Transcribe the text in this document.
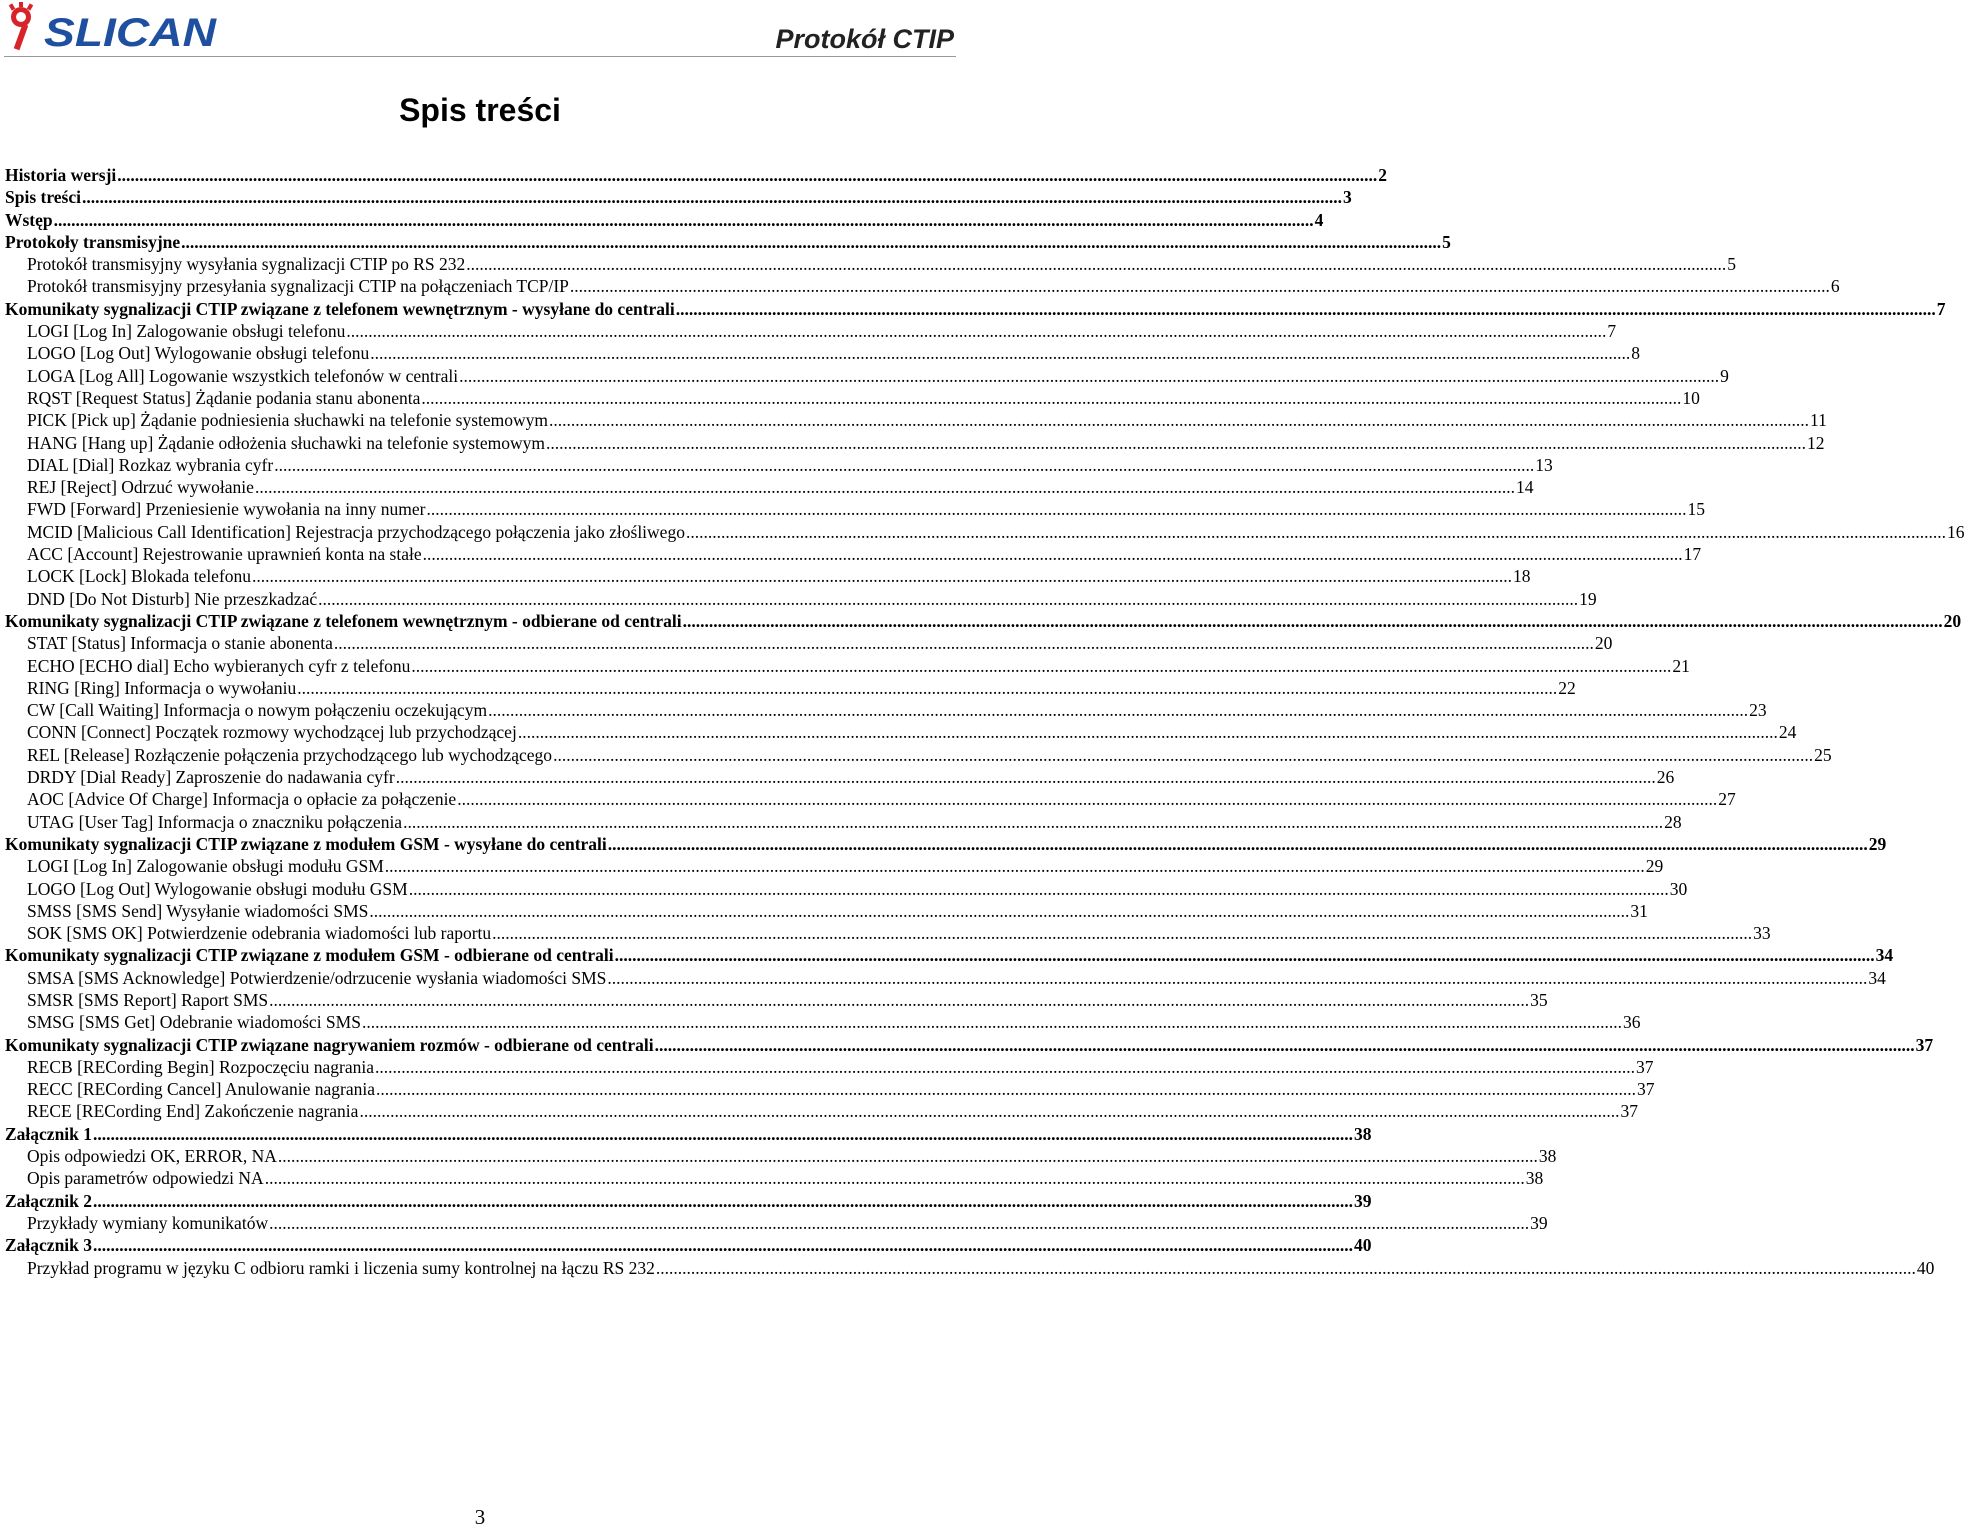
SLICAN	Protokół CTIP
Spis treści
Historia wersji .....	2
Spis treści .....	3
Wstęp .....	4
Protokoły transmisyjne .....	5
Protokół transmisyjny wysyłania sygnalizacji CTIP po RS 232 .....	5
Protokół transmisyjny przesyłania sygnalizacji CTIP na połączeniach TCP/IP .....	6
Komunikaty sygnalizacji CTIP związane z telefonem wewnętrznym - wysyłane do centrali .....	7
LOGI [Log In] Zalogowanie obsługi telefonu .....	7
LOGO [Log Out] Wylogowanie obsługi telefonu .....	8
LOGA [Log All] Logowanie wszystkich telefonów w centrali .....	9
RQST [Request Status] Żądanie podania stanu abonenta .....	10
PICK [Pick up] Żądanie podniesienia słuchawki na telefonie systemowym .....	11
HANG [Hang up] Żądanie odłożenia słuchawki na telefonie systemowym .....	12
DIAL [Dial] Rozkaz wybrania cyfr .....	13
REJ [Reject] Odrzuć wywołanie .....	14
FWD [Forward] Przeniesienie wywołania na inny numer .....	15
MCID [Malicious Call Identification] Rejestracja przychodzącego połączenia jako złośliwego .....	16
ACC [Account] Rejestrowanie uprawnień konta na stałe .....	17
LOCK [Lock] Blokada telefonu .....	18
DND [Do Not Disturb] Nie przeszkadzać .....	19
Komunikaty sygnalizacji CTIP związane z telefonem wewnętrznym - odbierane od centrali .....	20
STAT [Status] Informacja o stanie abonenta .....	20
ECHO [ECHO dial] Echo wybieranych cyfr z telefonu .....	21
RING [Ring] Informacja o wywołaniu .....	22
CW [Call Waiting] Informacja o nowym połączeniu oczekującym .....	23
CONN [Connect] Początek rozmowy wychodzącej lub przychodzącej .....	24
REL [Release] Rozłączenie połączenia przychodzącego lub wychodzącego .....	25
DRDY [Dial Ready] Zaproszenie do nadawania cyfr .....	26
AOC [Advice Of Charge] Informacja o opłacie za połączenie .....	27
UTAG [User Tag] Informacja o znaczniku połączenia .....	28
Komunikaty sygnalizacji CTIP związane z modułem GSM - wysyłane do centrali .....	29
LOGI [Log In] Zalogowanie obsługi modułu GSM .....	29
LOGO [Log Out] Wylogowanie obsługi modułu GSM .....	30
SMSS [SMS Send] Wysyłanie wiadomości SMS .....	31
SOK [SMS OK] Potwierdzenie odebrania wiadomości lub raportu .....	33
Komunikaty sygnalizacji CTIP związane z modułem GSM - odbierane od centrali .....	34
SMSA [SMS Acknowledge] Potwierdzenie/odrzucenie wysłania wiadomości SMS .....	34
SMSR [SMS Report] Raport SMS .....	35
SMSG [SMS Get] Odebranie wiadomości SMS .....	36
Komunikaty sygnalizacji CTIP związane nagrywaniem rozmów - odbierane od centrali .....	37
RECB [RECording Begin] Rozpoczęciu nagrania .....	37
RECC [RECording Cancel] Anulowanie nagrania .....	37
RECE [RECording End] Zakończenie nagrania .....	37
Załącznik 1 .....	38
Opis odpowiedzi OK, ERROR, NA .....	38
Opis parametrów odpowiedzi NA .....	38
Załącznik 2 .....	39
Przykłady wymiany komunikatów .....	39
Załącznik 3 .....	40
Przykład programu w języku C odbioru ramki i liczenia sumy kontrolnej na łączu RS 232 .....	40
3
